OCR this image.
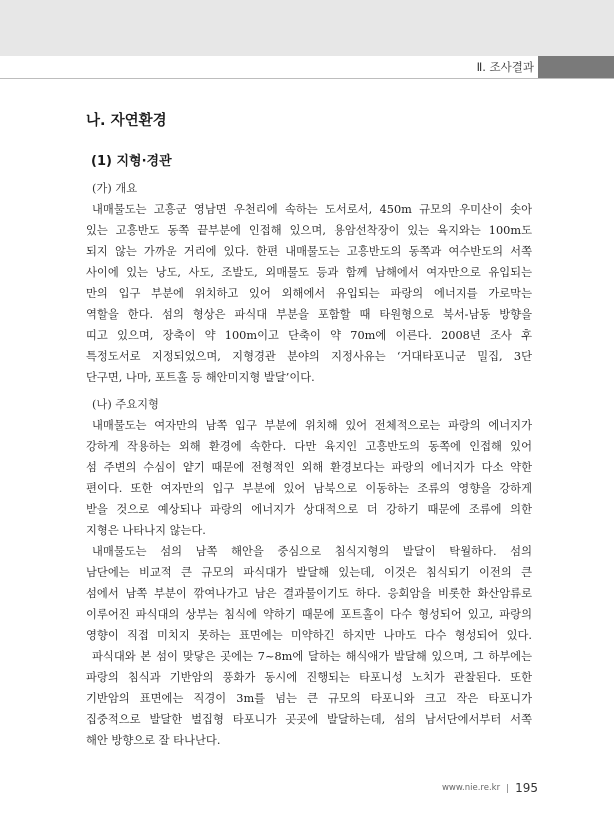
Ⅱ. 조사결과
나. 자연환경
(1) 지형·경관
(가) 개요
내매물도는 고흥군 영남면 우천리에 속하는 도서로서, 450m 규모의 우미산이 솟아
있는 고흥반도 동쪽 끝부분에 인접해 있으며, 용암선착장이 있는 육지와는 100m도
되지 않는 가까운 거리에 있다. 한편 내매물도는 고흥반도의 동쪽과 여수반도의 서쪽
사이에 있는 낭도, 사도, 조발도, 외매물도 등과 함께 남해에서 여자만으로 유입되는
만의 입구 부분에 위치하고 있어 외해에서 유입되는 파랑의 에너지를 가로막는
역할을 한다. 섬의 형상은 파식대 부분을 포함할 때 타원형으로 북서-남동 방향을
띠고 있으며, 장축이 약 100m이고 단축이 약 70m에 이른다. 2008년 조사 후
특정도서로 지정되었으며, 지형경관 분야의 지정사유는 ‘거대타포니군 밀집, 3단
단구면, 나마, 포트홀 등 해안미지형 발달’이다.
(나) 주요지형
내매물도는 여자만의 남쪽 입구 부분에 위치해 있어 전체적으로는 파랑의 에너지가
강하게 작용하는 외해 환경에 속한다. 다만 육지인 고흥반도의 동쪽에 인접해 있어
섬 주변의 수심이 얕기 때문에 전형적인 외해 환경보다는 파랑의 에너지가 다소 약한
편이다. 또한 여자만의 입구 부분에 있어 남북으로 이동하는 조류의 영향을 강하게
받을 것으로 예상되나 파랑의 에너지가 상대적으로 더 강하기 때문에 조류에 의한
지형은 나타나지 않는다.
내매물도는 섬의 남쪽 해안을 중심으로 침식지형의 발달이 탁월하다. 섬의
남단에는 비교적 큰 규모의 파식대가 발달해 있는데, 이것은 침식되기 이전의 큰
섬에서 남쪽 부분이 깎여나가고 남은 결과물이기도 하다. 응회암을 비롯한 화산암류로
이루어진 파식대의 상부는 침식에 약하기 때문에 포트홀이 다수 형성되어 있고, 파랑의
영향이 직접 미치지 못하는 표면에는 미약하긴 하지만 나마도 다수 형성되어 있다.
파식대와 본 섬이 맞닿은 곳에는 7~8m에 달하는 해식애가 발달해 있으며, 그 하부에는
파랑의 침식과 기반암의 풍화가 동시에 진행되는 타포니성 노치가 관찰된다. 또한
기반암의 표면에는 직경이 3m를 넘는 큰 규모의 타포니와 크고 작은 타포니가
집중적으로 발달한 벌집형 타포니가 곳곳에 발달하는데, 섬의 남서단에서부터 서쪽
해안 방향으로 잘 타나난다.
www.nie.re.kr 195
